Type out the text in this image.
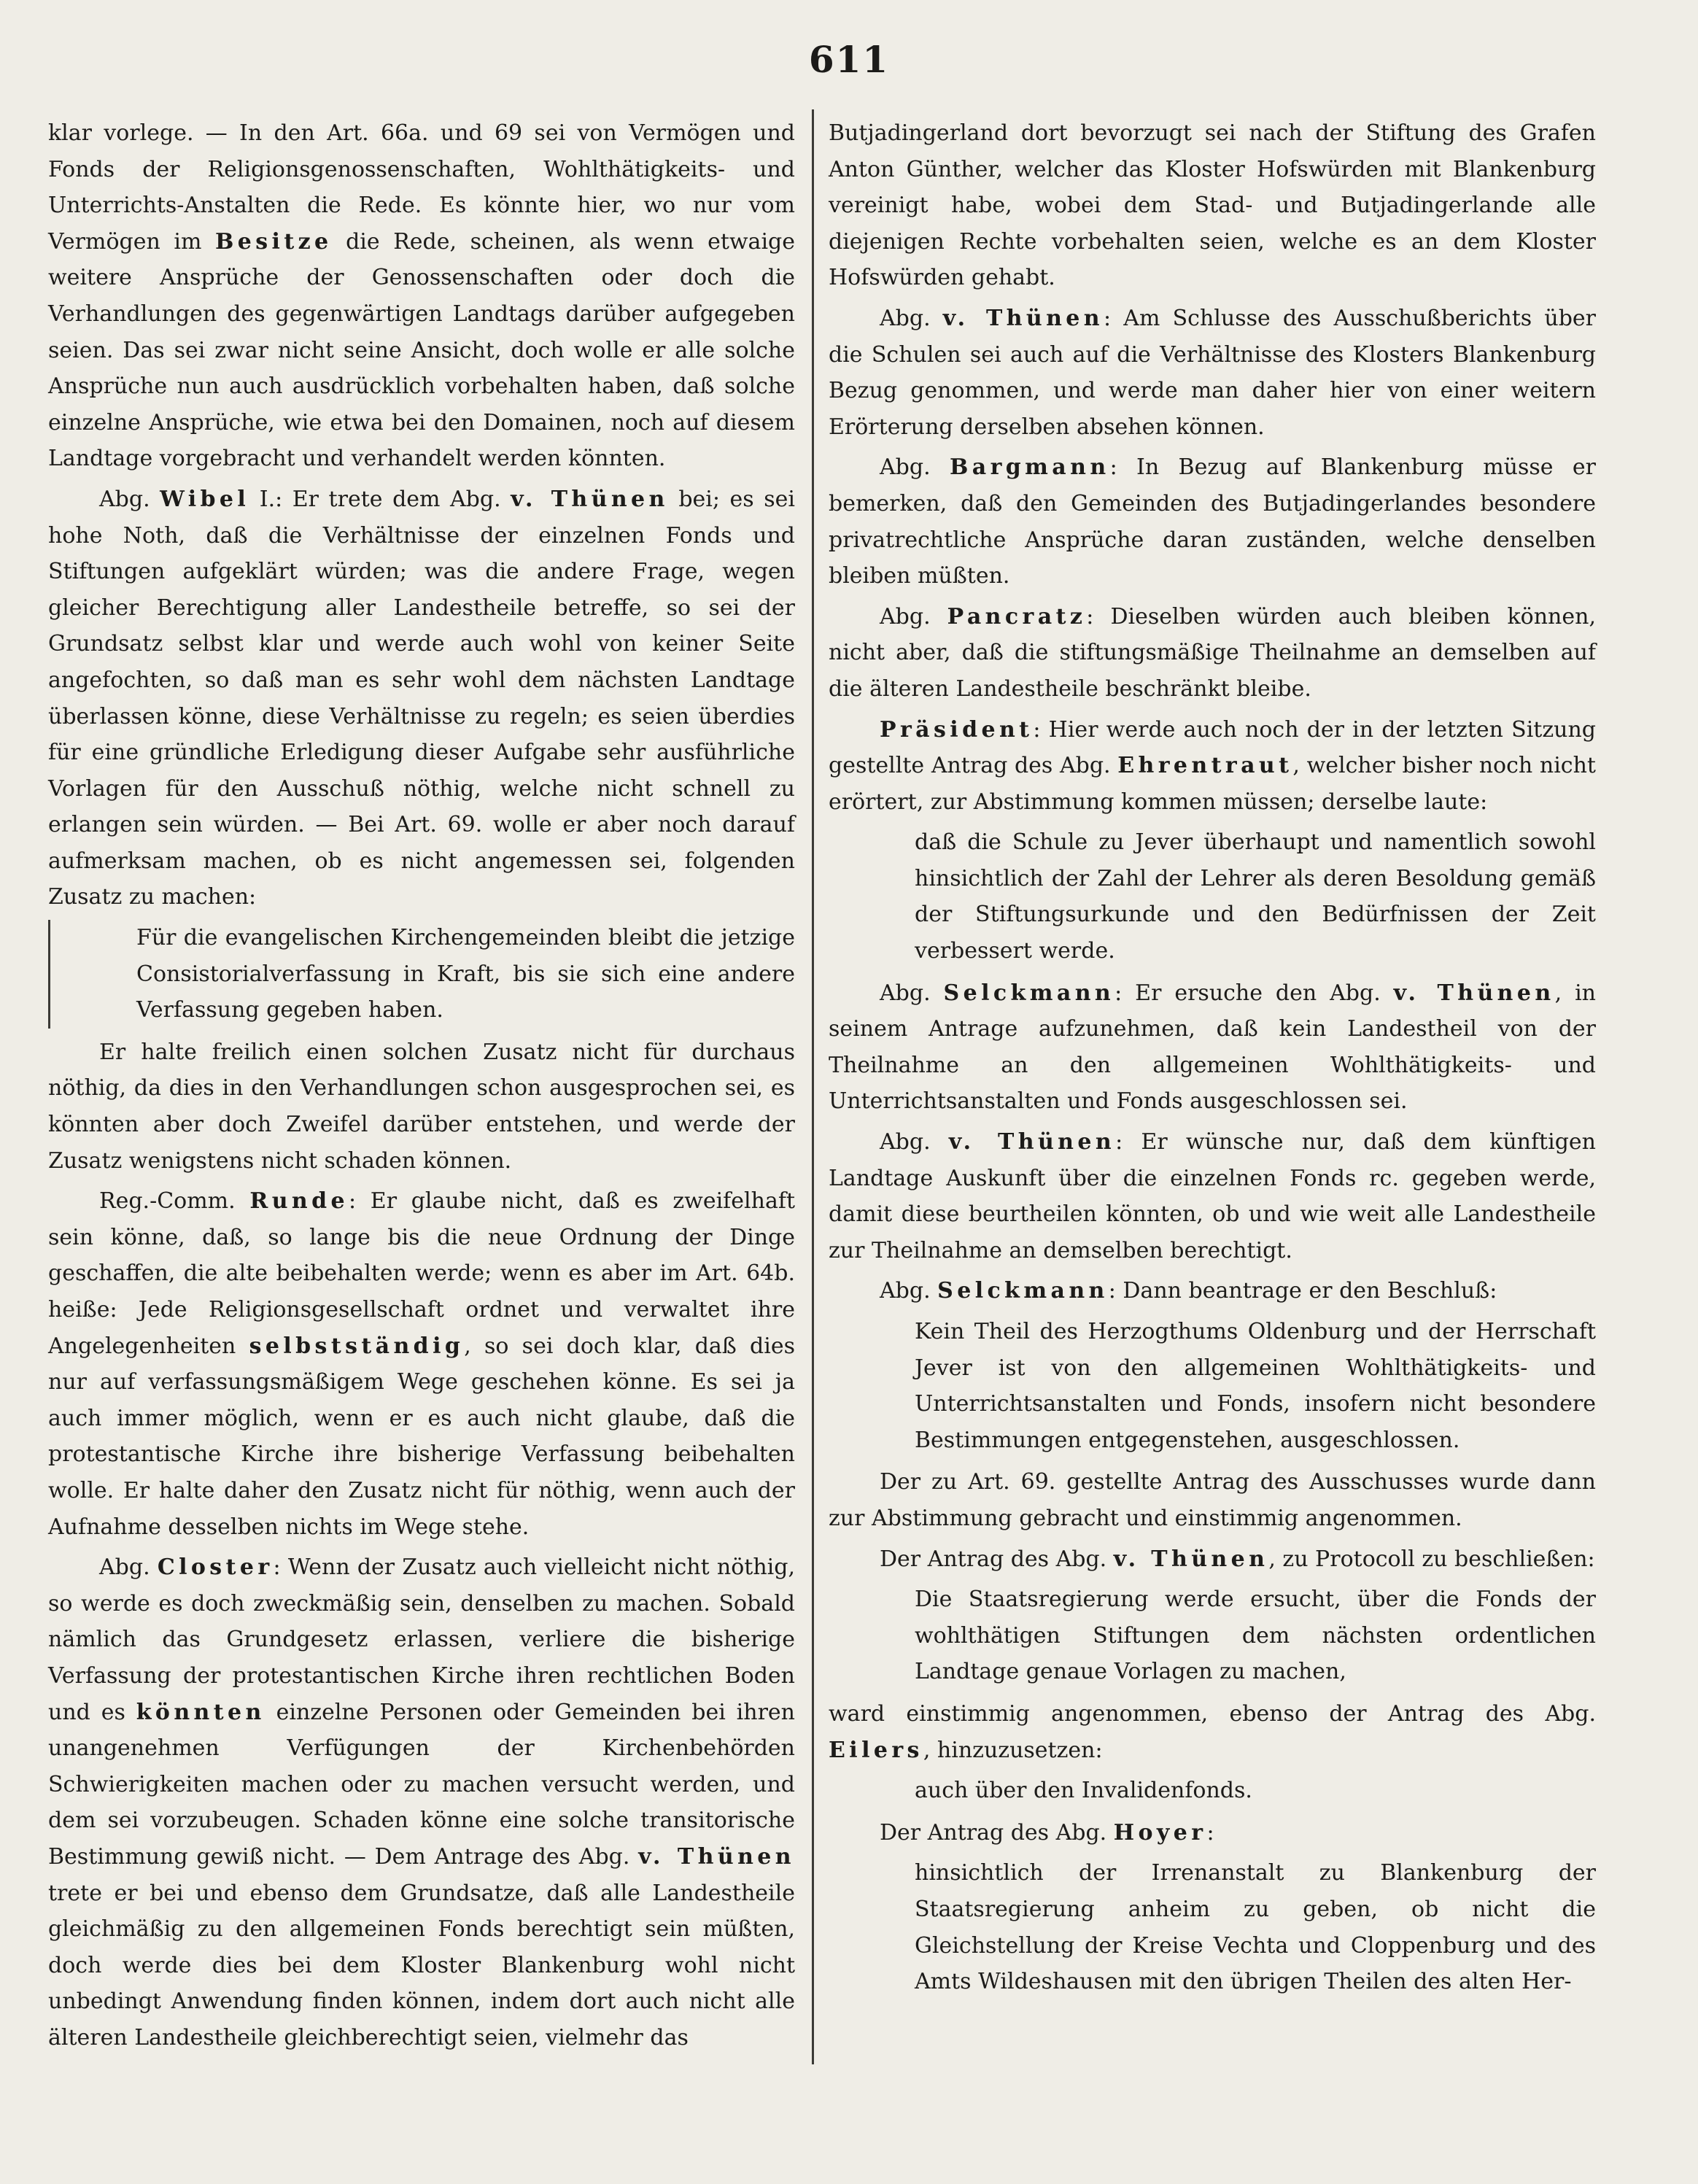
611

klar vorlege. — In den Art. 66a. und 69 sei von Vermögen und Fonds der Religionsgenossenschaften, Wohlthätigkeits- und Unterrichts-Anstalten die Rede. Es könnte hier, wo nur vom Vermögen im Besitze die Rede, scheinen, als wenn etwaige weitere Ansprüche der Genossenschaften oder doch die Verhandlungen des gegenwärtigen Landtags darüber aufgegeben seien. Das sei zwar nicht seine Ansicht, doch wolle er alle solche Ansprüche nun auch ausdrücklich vorbehalten haben, daß solche einzelne Ansprüche, wie etwa bei den Domainen, noch auf diesem Landtage vorgebracht und verhandelt werden könnten.

Abg. Wibel I.: Er trete dem Abg. v. Thünen bei; es sei hohe Noth, daß die Verhältnisse der einzelnen Fonds und Stiftungen aufgeklärt würden; was die andere Frage, wegen gleicher Berechtigung aller Landestheile betreffe, so sei der Grundsatz selbst klar und werde auch wohl von keiner Seite angefochten, so daß man es sehr wohl dem nächsten Landtage überlassen könne, diese Verhältnisse zu regeln; es seien überdies für eine gründliche Erledigung dieser Aufgabe sehr ausführliche Vorlagen für den Ausschuß nöthig, welche nicht schnell zu erlangen sein würden. — Bei Art. 69. wolle er aber noch darauf aufmerksam machen, ob es nicht angemessen sei, folgenden Zusatz zu machen:

Für die evangelischen Kirchengemeinden bleibt die jetzige Consistorialverfassung in Kraft, bis sie sich eine andere Verfassung gegeben haben.

Er halte freilich einen solchen Zusatz nicht für durchaus nöthig, da dies in den Verhandlungen schon ausgesprochen sei, es könnten aber doch Zweifel darüber entstehen, und werde der Zusatz wenigstens nicht schaden können.

Reg.-Comm. Runde: Er glaube nicht, daß es zweifelhaft sein könne, daß, so lange bis die neue Ordnung der Dinge geschaffen, die alte beibehalten werde; wenn es aber im Art. 64b. heiße: Jede Religionsgesellschaft ordnet und verwaltet ihre Angelegenheiten selbstständig, so sei doch klar, daß dies nur auf verfassungsmäßigem Wege geschehen könne. Es sei ja auch immer möglich, wenn er es auch nicht glaube, daß die protestantische Kirche ihre bisherige Verfassung beibehalten wolle. Er halte daher den Zusatz nicht für nöthig, wenn auch der Aufnahme desselben nichts im Wege stehe.

Abg. Closter: Wenn der Zusatz auch vielleicht nicht nöthig, so werde es doch zweckmäßig sein, denselben zu machen. Sobald nämlich das Grundgesetz erlassen, verliere die bisherige Verfassung der protestantischen Kirche ihren rechtlichen Boden und es könnten einzelne Personen oder Gemeinden bei ihren unangenehmen Verfügungen der Kirchenbehörden Schwierigkeiten machen oder zu machen versucht werden, und dem sei vorzubeugen. Schaden könne eine solche transitorische Bestimmung gewiß nicht. — Dem Antrage des Abg. v. Thünen trete er bei und ebenso dem Grundsatze, daß alle Landestheile gleichmäßig zu den allgemeinen Fonds berechtigt sein müßten, doch werde dies bei dem Kloster Blankenburg wohl nicht unbedingt Anwendung finden können, indem dort auch nicht alle älteren Landestheile gleichberechtigt seien, vielmehr das

Butjadingerland dort bevorzugt sei nach der Stiftung des Grafen Anton Günther, welcher das Kloster Hofswürden mit Blankenburg vereinigt habe, wobei dem Stad- und Butjadingerlande alle diejenigen Rechte vorbehalten seien, welche es an dem Kloster Hofswürden gehabt.

Abg. v. Thünen: Am Schlusse des Ausschußberichts über die Schulen sei auch auf die Verhältnisse des Klosters Blankenburg Bezug genommen, und werde man daher hier von einer weitern Erörterung derselben absehen können.

Abg. Bargmann: In Bezug auf Blankenburg müsse er bemerken, daß den Gemeinden des Butjadingerlandes besondere privatrechtliche Ansprüche daran zuständen, welche denselben bleiben müßten.

Abg. Pancratz: Dieselben würden auch bleiben können, nicht aber, daß die stiftungsmäßige Theilnahme an demselben auf die älteren Landestheile beschränkt bleibe.

Präsident: Hier werde auch noch der in der letzten Sitzung gestellte Antrag des Abg. Ehrentraut, welcher bisher noch nicht erörtert, zur Abstimmung kommen müssen; derselbe laute:

daß die Schule zu Jever überhaupt und namentlich sowohl hinsichtlich der Zahl der Lehrer als deren Besoldung gemäß der Stiftungsurkunde und den Bedürfnissen der Zeit verbessert werde.

Abg. Selckmann: Er ersuche den Abg. v. Thünen, in seinem Antrage aufzunehmen, daß kein Landestheil von der Theilnahme an den allgemeinen Wohlthätigkeits- und Unterrichtsanstalten und Fonds ausgeschlossen sei.

Abg. v. Thünen: Er wünsche nur, daß dem künftigen Landtage Auskunft über die einzelnen Fonds rc. gegeben werde, damit diese beurtheilen könnten, ob und wie weit alle Landestheile zur Theilnahme an demselben berechtigt.

Abg. Selckmann: Dann beantrage er den Beschluß:

Kein Theil des Herzogthums Oldenburg und der Herrschaft Jever ist von den allgemeinen Wohlthätigkeits- und Unterrichtsanstalten und Fonds, insofern nicht besondere Bestimmungen entgegenstehen, ausgeschlossen.

Der zu Art. 69. gestellte Antrag des Ausschusses wurde dann zur Abstimmung gebracht und einstimmig angenommen.

Der Antrag des Abg. v. Thünen, zu Protocoll zu beschließen:

Die Staatsregierung werde ersucht, über die Fonds der wohlthätigen Stiftungen dem nächsten ordentlichen Landtage genaue Vorlagen zu machen,

ward einstimmig angenommen, ebenso der Antrag des Abg. Eilers, hinzuzusetzen:

auch über den Invalidenfonds.

Der Antrag des Abg. Hoyer:

hinsichtlich der Irrenanstalt zu Blankenburg der Staatsregierung anheim zu geben, ob nicht die Gleichstellung der Kreise Vechta und Cloppenburg und des Amts Wildeshausen mit den übrigen Theilen des alten Her-
